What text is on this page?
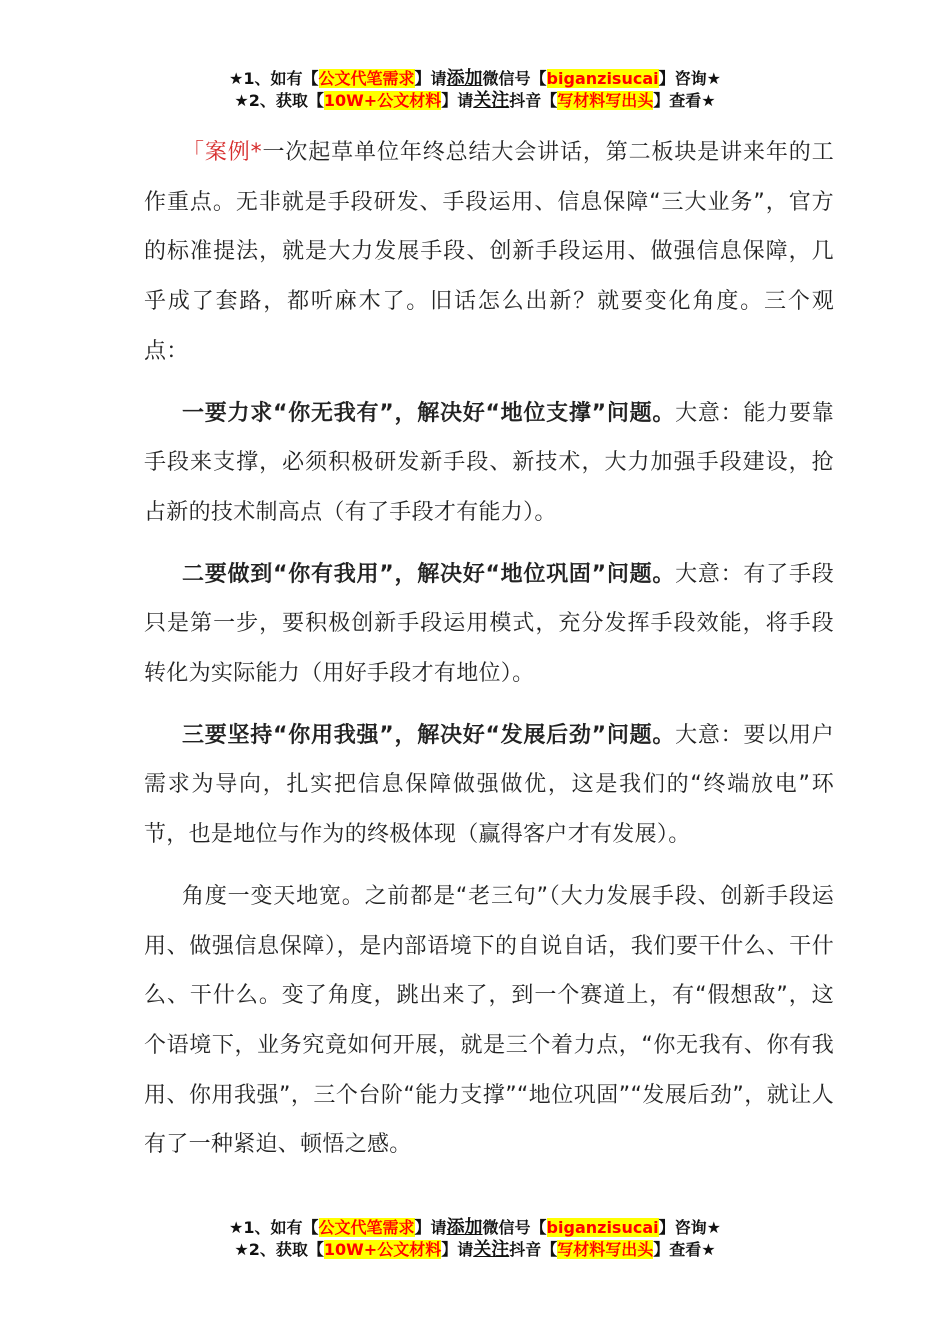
★1、如有【公文代笔需求】请添加微信号【biganzisucai】咨询★
★2、获取【10W+公文材料】请关注抖音【写材料写出头】查看★

「案例*一次起草单位年终总结大会讲话，第二板块是讲来年的工作重点。无非就是手段研发、手段运用、信息保障“三大业务”，官方的标准提法，就是大力发展手段、创新手段运用、做强信息保障，几乎成了套路，都听麻木了。旧话怎么出新？就要变化角度。三个观点：

一要力求“你无我有”，解决好“地位支撑”问题。大意：能力要靠手段来支撑，必须积极研发新手段、新技术，大力加强手段建设，抢占新的技术制高点（有了手段才有能力）。

二要做到“你有我用”，解决好“地位巩固”问题。大意：有了手段只是第一步，要积极创新手段运用模式，充分发挥手段效能，将手段转化为实际能力（用好手段才有地位）。

三要坚持“你用我强”，解决好“发展后劲”问题。大意：要以用户需求为导向，扎实把信息保障做强做优，这是我们的“终端放电”环节，也是地位与作为的终极体现（赢得客户才有发展）。

角度一变天地宽。之前都是“老三句”（大力发展手段、创新手段运用、做强信息保障），是内部语境下的自说自话，我们要干什么、干什么、干什么。变了角度，跳出来了，到一个赛道上，有“假想敌”，这个语境下，业务究竟如何开展，就是三个着力点，“你无我有、你有我用、你用我强”，三个台阶“能力支撑”“地位巩固”“发展后劲”，就让人有了一种紧迫、顿悟之感。

★1、如有【公文代笔需求】请添加微信号【biganzisucai】咨询★
★2、获取【10W+公文材料】请关注抖音【写材料写出头】查看★
